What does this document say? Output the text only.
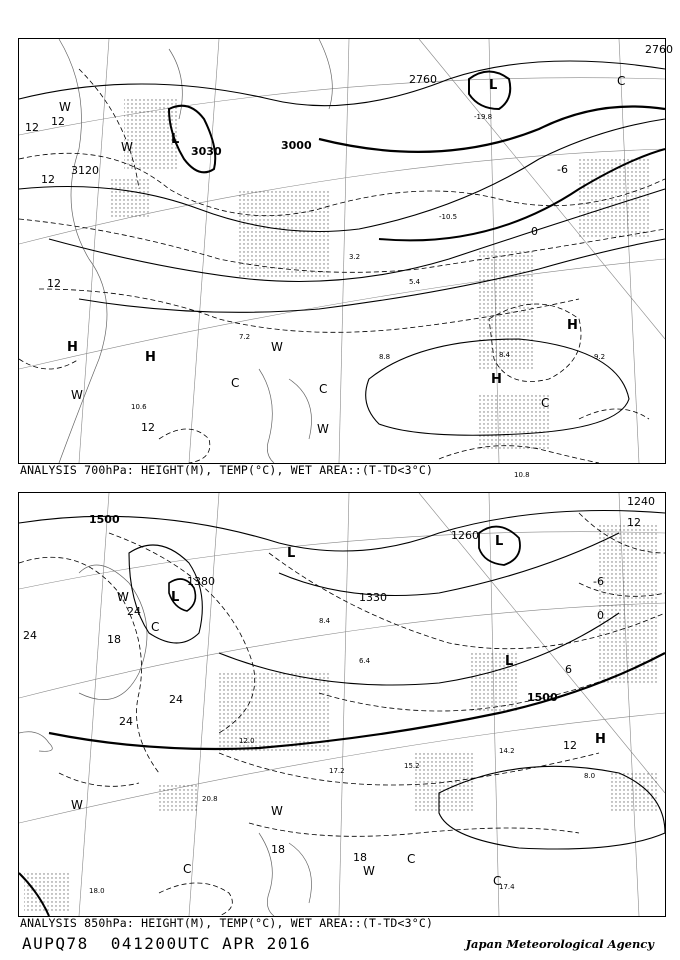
3.2
5.4
7.2
8.8	8.4	9.2
10.6
10.8
-10.5
-19.8
2760
2760
3000
3120
3030
12 12
12
12
12
-6
0
L
L
H
H
H
H
C	C
C
C
W
W
W
W
W
ANALYSIS 700hPa: HEIGHT(M), TEMP(°C), WET AREA::(T-TD<3°C)
8.4
6.4
12.0
17.2
15.2
14.2
8.0
17.4
20.8
18.0
1500
1500
1380
1260
1330
1240
24
24
24
24
18
18
18
12
12
6
0
-6
L
L
L
L
H
C
C
C
C
W
W	W
W
ANALYSIS 850hPa: HEIGHT(M), TEMP(°C), WET AREA::(T-TD<3°C)
AUPQ78 041200UTC APR 2016	Japan Meteorological Agency
